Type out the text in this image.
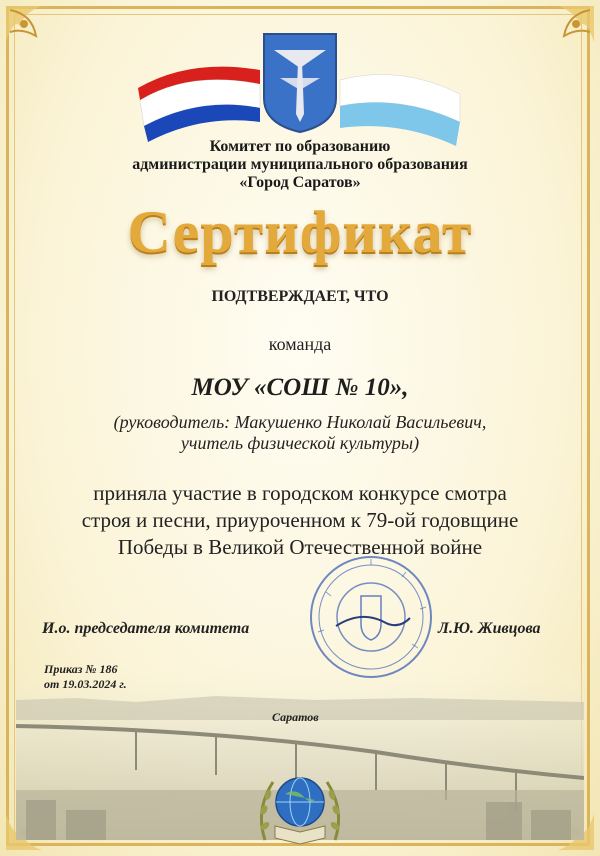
Комитет по образованию
администрации муниципального образования
«Город Саратов»
Сертификат
ПОДТВЕРЖДАЕТ, ЧТО
команда
МОУ «СОШ № 10»,
(руководитель: Макушенко Николай Васильевич,
учитель физической культуры)
приняла участие в городском конкурсе смотра
строя и песни, приуроченном к 79-ой годовщине
Победы в Великой Отечественной войне
И.о. председателя комитета	Л.Ю. Живцова
Приказ № 186
от 19.03.2024 г.
Саратов
